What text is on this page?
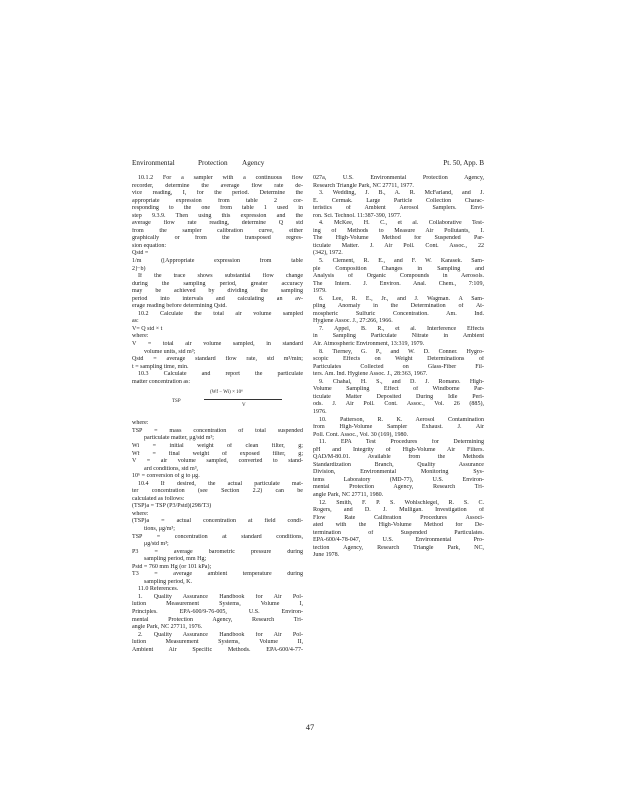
Environmental	Protection Agency	Pt. 50, App. B
10.1.2 For a sampler with a continuous flow
recorder, determine the average flow rate de-
vice reading, I, for the period. Determine the
appropriate expression from table 2 cor-
responding to the one from table 1 used in
step 9.3.9. Then using this expression and the
average flow rate reading, determine Q std
from the sampler calibration curve, either
graphically or from the transposed regres-
sion equation:
Qstd =
1/m ([Appropriate expression from table
2]−b)
If the trace shows substantial flow change
during the sampling period, greater accuracy
may be achieved by dividing the sampling
period into intervals and calculating an av-
erage reading before determining Qstd.
10.2 Calculate the total air volume sampled
as:
V= Q std × t
where:
V = total air volume sampled, in standard
volume units, std m³;
Qstd = average standard flow rate, std m³/min;
t = sampling time, min.
10.3 Calculate and report the particulate
matter concentration as:
TSP
(Wf − Wi) × 10⁶
V
where:
TSP = mass concentration of total suspended
particulate matter, μg/std m³;
Wi = initial weight of clean filter, g;
Wf = final weight of exposed filter, g;
V = air volume sampled, converted to stand-
ard conditions, std m³,
10⁶ = conversion of g to μg.
10.4 If desired, the actual particulate mat-
ter concentration (see Section 2.2) can be
calculated as follows:
(TSP)a = TSP (P3/Pstd)(298/T3)
where:
(TSP)a = actual concentration at field condi-
tions, μg/m³;
TSP = concentration at standard conditions,
μg/std m³;
P3 = average barometric pressure during
sampling period, mm Hg;
Pstd = 760 mm Hg (or 101 kPa);
T3 = average ambient temperature during
sampling period, K.
11.0 References.
1. Quality Assurance Handbook for Air Pol-
lution Measurement Systems, Volume I,
Principles. EPA-600/9-76-005, U.S. Environ-
mental Protection Agency, Research Tri-
angle Park, NC 27711, 1976.
2. Quality Assurance Handbook for Air Pol-
lution Measurement Systems, Volume II,
Ambient Air Specific Methods. EPA-600/4-77-
027a, U.S. Environmental Protection Agency,
Research Triangle Park, NC 27711, 1977.
3. Wedding, J. B., A. R. McFarland, and J.
E. Cermak. Large Particle Collection Charac-
teristics of Ambient Aerosol Samplers. Envi-
ron. Sci. Technol. 11:387-390, 1977.
4. McKee, H. C., et al. Collaborative Test-
ing of Methods to Measure Air Pollutants, I.
The High-Volume Method for Suspended Par-
ticulate Matter. J. Air Poll. Cont. Assoc., 22
(342), 1972.
5. Clement, R. E., and F. W. Karasek. Sam-
ple Composition Changes in Sampling and
Analysis of Organic Compounds in Aerosols.
The Intern. J. Environ. Anal. Chem., 7:109,
1979.
6. Lee, R. E., Jr., and J. Wagman. A Sam-
pling Anomaly in the Determination of At-
mospheric Sulfuric Concentration. Am. Ind.
Hygiene Assoc. J., 27:266, 1966.
7. Appel, B. R., et al. Interference Effects
in Sampling Particulate Nitrate in Ambient
Air. Atmospheric Environment, 13:319, 1979.
8. Tierney, G. P., and W. D. Conner. Hygro-
scopic Effects on Weight Determinations of
Particulates Collected on Glass-Fiber Fil-
ters. Am. Ind. Hygiene Assoc. J., 28:363, 1967.
9. Chahal, H. S., and D. J. Romano. High-
Volume Sampling Effect of Windborne Par-
ticulate Matter Deposited During Idle Peri-
ods. J. Air Poll. Cont. Assoc., Vol. 26 (885),
1976.
10. Patterson, R. K. Aerosol Contamination
from High-Volume Sampler Exhaust. J. Air
Poll. Cont. Assoc., Vol. 30 (169), 1980.
11. EPA Test Procedures for Determining
pH and Integrity of High-Volume Air Filters.
QAD/M-80.01. Available from the Methods
Standardization Branch, Quality Assurance
Division, Environmental Monitoring Sys-
tems Laboratory (MD-77), U.S. Environ-
mental Protection Agency, Research Tri-
angle Park, NC 27711, 1980.
12. Smith, F. P. S. Wohlschlegel, R. S. C.
Rogers, and D. J. Mulligan. Investigation of
Flow Rate Calibration Procedures Associ-
ated with the High-Volume Method for De-
termination of Suspended Particulates.
EPA-600/4-78-047, U.S. Environmental Pro-
tection Agency, Research Triangle Park, NC,
June 1978.
47
